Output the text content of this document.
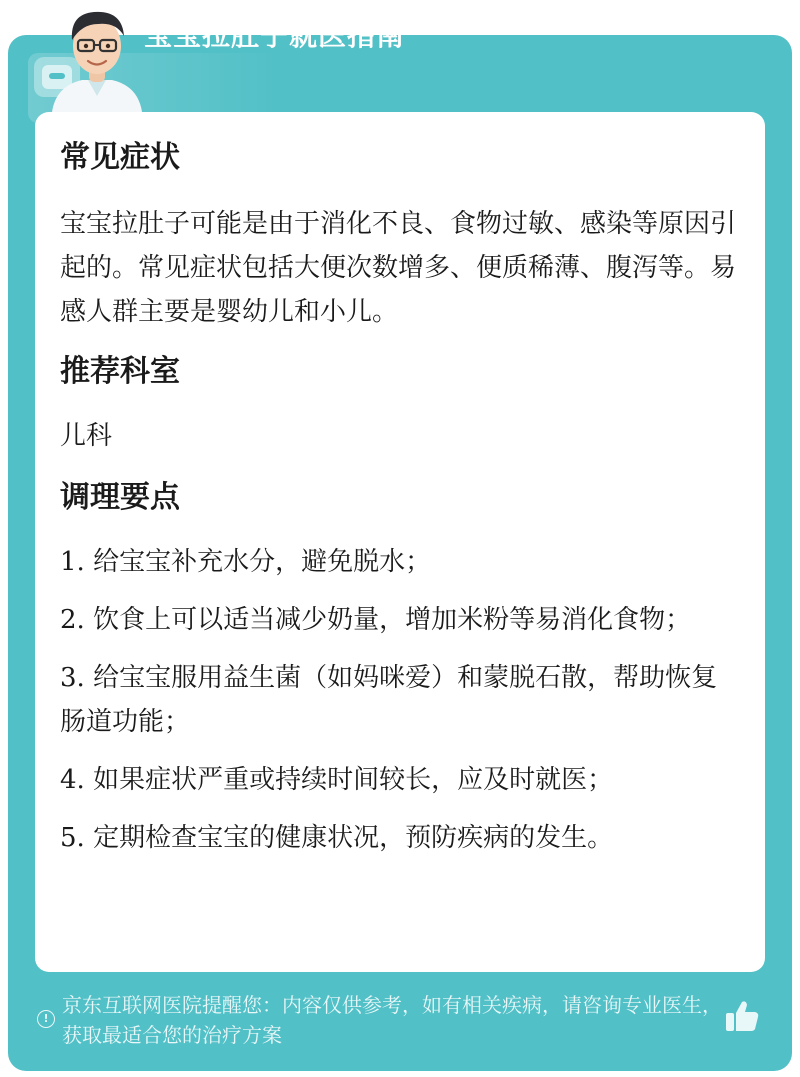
宝宝拉肚子就医指南
常见症状

宝宝拉肚子可能是由于消化不良、食物过敏、感染等原因引起的。常见症状包括大便次数增多、便质稀薄、腹泻等。易感人群主要是婴幼儿和小儿。

推荐科室

儿科

调理要点

1. 给宝宝补充水分，避免脱水；

2. 饮食上可以适当减少奶量，增加米粉等易消化食物；

3. 给宝宝服用益生菌（如妈咪爱）和蒙脱石散，帮助恢复肠道功能；

4. 如果症状严重或持续时间较长，应及时就医；

5. 定期检查宝宝的健康状况，预防疾病的发生。

!
京东互联网医院提醒您：内容仅供参考，如有相关疾病，请咨询专业医生，获取最适合您的治疗方案
